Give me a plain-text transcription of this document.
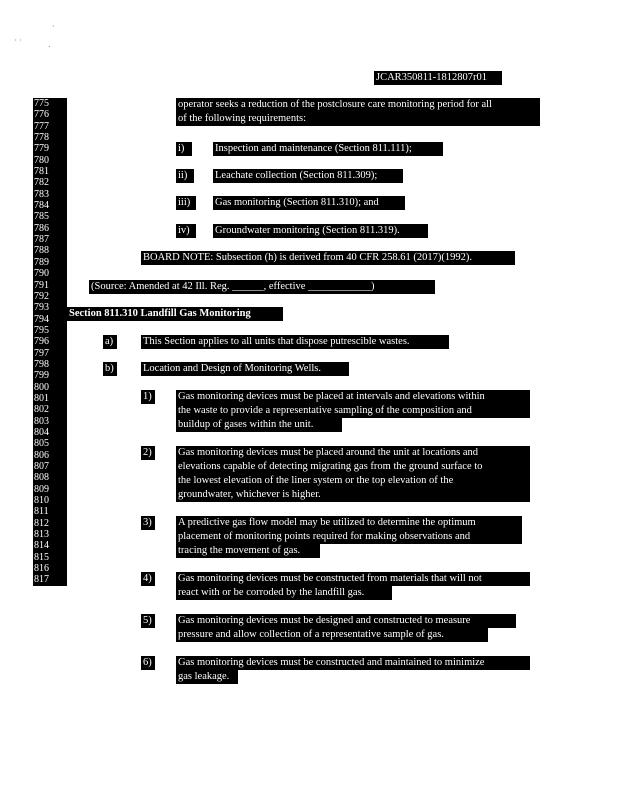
·
· ·	.
JCAR350811-1812807r01
775
776
777
778
779
780
781
782
783
784
785
786
787
788
789
790
791
792
793
794
795
796
797
798
799
800
801
802
803
804
805
806
807
808
809
810
811
812
813
814
815
816
817
operator seeks a reduction of the postclosure care monitoring period for all
of the following requirements:
i)	Inspection and maintenance (Section 811.111);
ii)	Leachate collection (Section 811.309);
iii)	Gas monitoring (Section 811.310); and
iv)	Groundwater monitoring (Section 811.319).
BOARD NOTE: Subsection (h) is derived from 40 CFR 258.61 (2017)(1992).
(Source: Amended at 42 Ill. Reg. ______, effective ____________)
Section 811.310 Landfill Gas Monitoring
a)	This Section applies to all units that dispose putrescible wastes.
b)	Location and Design of Monitoring Wells.
1)	Gas monitoring devices must be placed at intervals and elevations within
the waste to provide a representative sampling of the composition and
buildup of gases within the unit.
2)	Gas monitoring devices must be placed around the unit at locations and
elevations capable of detecting migrating gas from the ground surface to
the lowest elevation of the liner system or the top elevation of the
groundwater, whichever is higher.
3)	A predictive gas flow model may be utilized to determine the optimum
placement of monitoring points required for making observations and
tracing the movement of gas.
4)	Gas monitoring devices must be constructed from materials that will not
react with or be corroded by the landfill gas.
5)	Gas monitoring devices must be designed and constructed to measure
pressure and allow collection of a representative sample of gas.
6)	Gas monitoring devices must be constructed and maintained to minimize
gas leakage.
